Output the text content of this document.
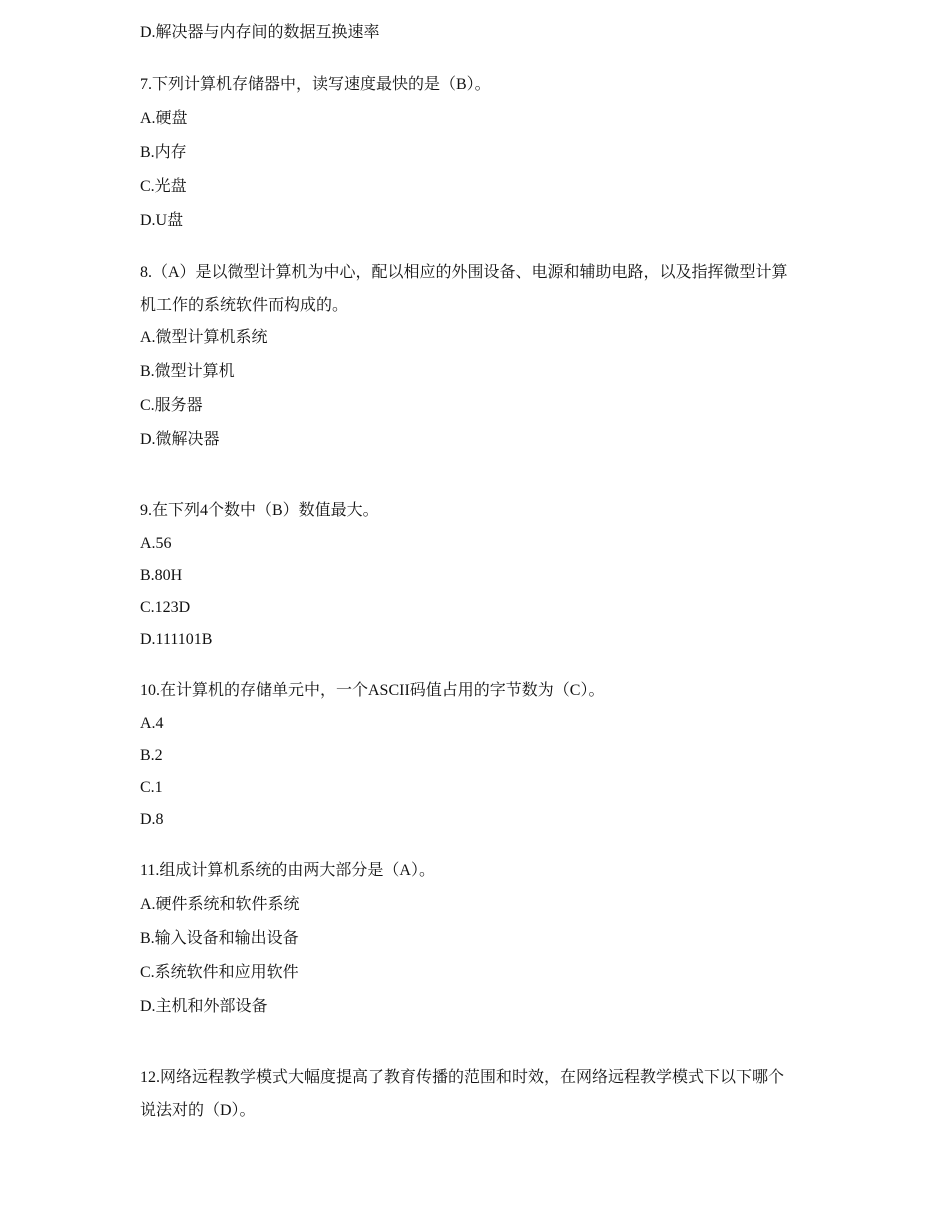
D.解决器与内存间的数据互换速率
7.下列计算机存储器中，读写速度最快的是（B）。
A.硬盘
B.内存
C.光盘
D.U盘
8.（A）是以微型计算机为中心，配以相应的外围设备、电源和辅助电路，以及指挥微型计算
机工作的系统软件而构成的。
A.微型计算机系统
B.微型计算机
C.服务器
D.微解决器
9.在下列4个数中（B）数值最大。
A.56
B.80H
C.123D
D.111101B
10.在计算机的存储单元中，一个ASCII码值占用的字节数为（C）。
A.4
B.2
C.1
D.8
11.组成计算机系统的由两大部分是（A）。
A.硬件系统和软件系统
B.输入设备和输出设备
C.系统软件和应用软件
D.主机和外部设备
12.网络远程教学模式大幅度提高了教育传播的范围和时效，在网络远程教学模式下以下哪个
说法对的（D）。
